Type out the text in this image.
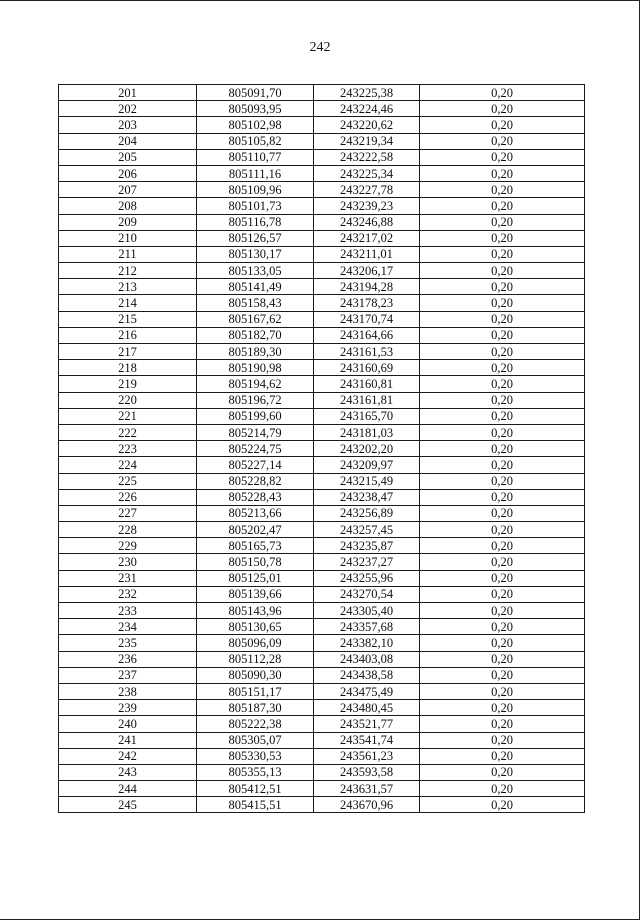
242
201	805091,70	243225,38	0,20
202	805093,95	243224,46	0,20
203	805102,98	243220,62	0,20
204	805105,82	243219,34	0,20
205	805110,77	243222,58	0,20
206	805111,16	243225,34	0,20
207	805109,96	243227,78	0,20
208	805101,73	243239,23	0,20
209	805116,78	243246,88	0,20
210	805126,57	243217,02	0,20
211	805130,17	243211,01	0,20
212	805133,05	243206,17	0,20
213	805141,49	243194,28	0,20
214	805158,43	243178,23	0,20
215	805167,62	243170,74	0,20
216	805182,70	243164,66	0,20
217	805189,30	243161,53	0,20
218	805190,98	243160,69	0,20
219	805194,62	243160,81	0,20
220	805196,72	243161,81	0,20
221	805199,60	243165,70	0,20
222	805214,79	243181,03	0,20
223	805224,75	243202,20	0,20
224	805227,14	243209,97	0,20
225	805228,82	243215,49	0,20
226	805228,43	243238,47	0,20
227	805213,66	243256,89	0,20
228	805202,47	243257,45	0,20
229	805165,73	243235,87	0,20
230	805150,78	243237,27	0,20
231	805125,01	243255,96	0,20
232	805139,66	243270,54	0,20
233	805143,96	243305,40	0,20
234	805130,65	243357,68	0,20
235	805096,09	243382,10	0,20
236	805112,28	243403,08	0,20
237	805090,30	243438,58	0,20
238	805151,17	243475,49	0,20
239	805187,30	243480,45	0,20
240	805222,38	243521,77	0,20
241	805305,07	243541,74	0,20
242	805330,53	243561,23	0,20
243	805355,13	243593,58	0,20
244	805412,51	243631,57	0,20
245	805415,51	243670,96	0,20
